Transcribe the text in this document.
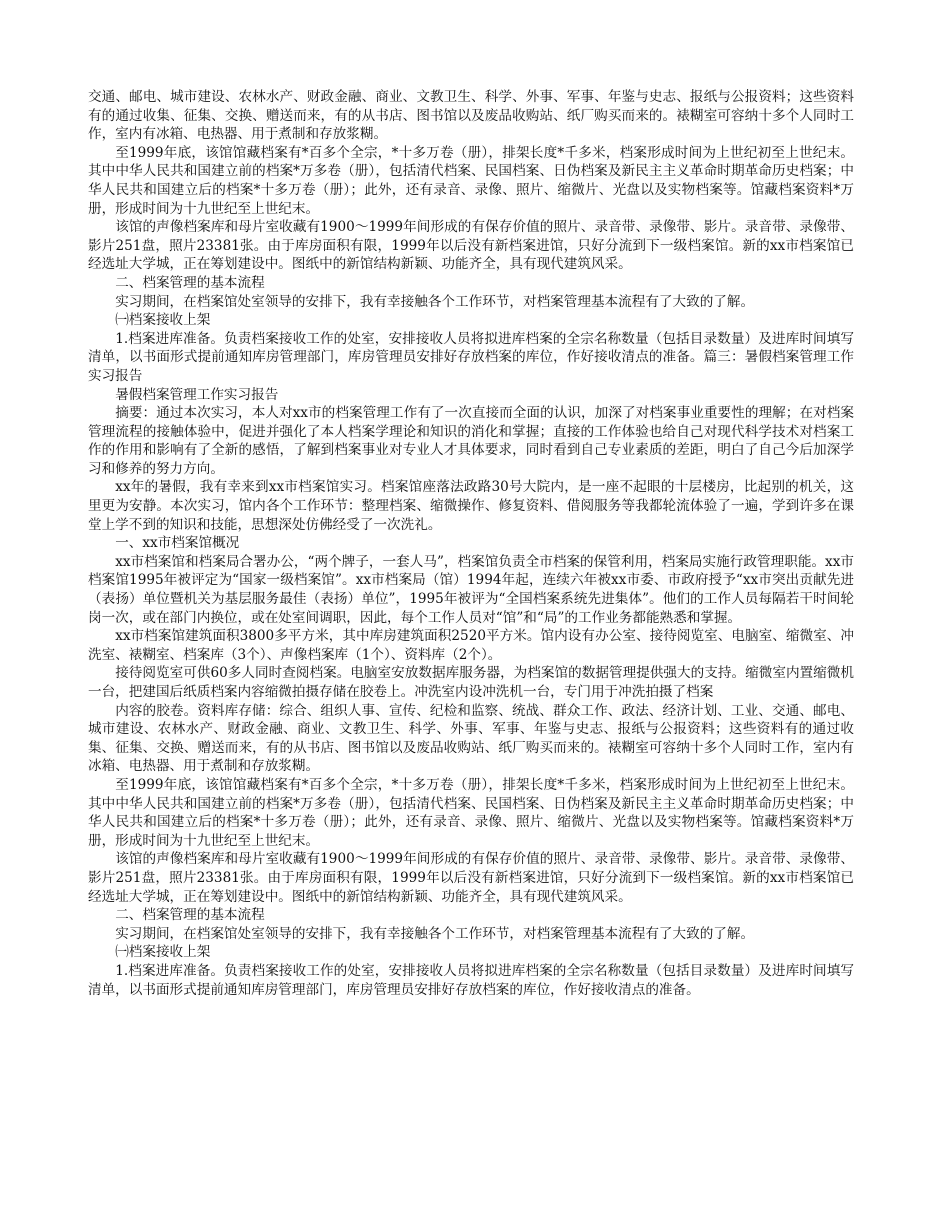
交通、邮电、城市建设、农林水产、财政金融、商业、文教卫生、科学、外事、军事、年鉴与史志、报纸与公报资料；这些资料有的通过收集、征集、交换、赠送而来，有的从书店、图书馆以及废品收购站、纸厂购买而来的。裱糊室可容纳十多个人同时工作，室内有冰箱、电热器、用于煮制和存放浆糊。

至1999年底，该馆馆藏档案有*百多个全宗，*十多万卷（册），排架长度*千多米，档案形成时间为上世纪初至上世纪末。其中中华人民共和国建立前的档案*万多卷（册），包括清代档案、民国档案、日伪档案及新民主主义革命时期革命历史档案；中华人民共和国建立后的档案*十多万卷（册）；此外，还有录音、录像、照片、缩微片、光盘以及实物档案等。馆藏档案资料*万册，形成时间为十九世纪至上世纪末。

该馆的声像档案库和母片室收藏有1900～1999年间形成的有保存价值的照片、录音带、录像带、影片。录音带、录像带、影片251盘，照片23381张。由于库房面积有限，1999年以后没有新档案进馆，只好分流到下一级档案馆。新的xx市档案馆已经选址大学城，正在筹划建设中。图纸中的新馆结构新颖、功能齐全，具有现代建筑风采。

二、档案管理的基本流程

实习期间，在档案馆处室领导的安排下，我有幸接触各个工作环节，对档案管理基本流程有了大致的了解。

㈠档案接收上架

1.档案进库准备。负责档案接收工作的处室，安排接收人员将拟进库档案的全宗名称数量（包括目录数量）及进库时间填写清单，以书面形式提前通知库房管理部门，库房管理员安排好存放档案的库位，作好接收清点的准备。篇三：暑假档案管理工作实习报告

暑假档案管理工作实习报告

摘要：通过本次实习，本人对xx市的档案管理工作有了一次直接而全面的认识，加深了对档案事业重要性的理解；在对档案管理流程的接触体验中，促进并强化了本人档案学理论和知识的消化和掌握；直接的工作体验也给自己对现代科学技术对档案工作的作用和影响有了全新的感悟，了解到档案事业对专业人才具体要求，同时看到自己专业素质的差距，明白了自己今后加深学习和修养的努力方向。

xx年的暑假，我有幸来到xx市档案馆实习。档案馆座落法政路30号大院内，是一座不起眼的十层楼房，比起别的机关，这里更为安静。本次实习，馆内各个工作环节：整理档案、缩微操作、修复资料、借阅服务等我都轮流体验了一遍，学到许多在课堂上学不到的知识和技能，思想深处仿佛经受了一次洗礼。

一、xx市档案馆概况

xx市档案馆和档案局合署办公，“两个牌子，一套人马”，档案馆负责全市档案的保管利用，档案局实施行政管理职能。xx市档案馆1995年被评定为“国家一级档案馆”。xx市档案局（馆）1994年起，连续六年被xx市委、市政府授予“xx市突出贡献先进（表扬）单位暨机关为基层服务最佳（表扬）单位”，1995年被评为“全国档案系统先进集体”。他们的工作人员每隔若干时间轮岗一次，或在部门内换位，或在处室间调职，因此，每个工作人员对“馆”和“局”的工作业务都能熟悉和掌握。

xx市档案馆建筑面积3800多平方米，其中库房建筑面积2520平方米。馆内设有办公室、接待阅览室、电脑室、缩微室、冲洗室、裱糊室、档案库（3个）、声像档案库（1个）、资料库（2个）。

接待阅览室可供60多人同时查阅档案。电脑室安放数据库服务器，为档案馆的数据管理提供强大的支持。缩微室内置缩微机一台，把建国后纸质档案内容缩微拍摄存储在胶卷上。冲洗室内设冲洗机一台，专门用于冲洗拍摄了档案

内容的胶卷。资料库存储：综合、组织人事、宣传、纪检和监察、统战、群众工作、政法、经济计划、工业、交通、邮电、城市建设、农林水产、财政金融、商业、文教卫生、科学、外事、军事、年鉴与史志、报纸与公报资料；这些资料有的通过收集、征集、交换、赠送而来，有的从书店、图书馆以及废品收购站、纸厂购买而来的。裱糊室可容纳十多个人同时工作，室内有冰箱、电热器、用于煮制和存放浆糊。

至1999年底，该馆馆藏档案有*百多个全宗，*十多万卷（册），排架长度*千多米，档案形成时间为上世纪初至上世纪末。其中中华人民共和国建立前的档案*万多卷（册），包括清代档案、民国档案、日伪档案及新民主主义革命时期革命历史档案；中华人民共和国建立后的档案*十多万卷（册）；此外，还有录音、录像、照片、缩微片、光盘以及实物档案等。馆藏档案资料*万册，形成时间为十九世纪至上世纪末。

该馆的声像档案库和母片室收藏有1900～1999年间形成的有保存价值的照片、录音带、录像带、影片。录音带、录像带、影片251盘，照片23381张。由于库房面积有限，1999年以后没有新档案进馆，只好分流到下一级档案馆。新的xx市档案馆已经选址大学城，正在筹划建设中。图纸中的新馆结构新颖、功能齐全，具有现代建筑风采。

二、档案管理的基本流程

实习期间，在档案馆处室领导的安排下，我有幸接触各个工作环节，对档案管理基本流程有了大致的了解。

㈠档案接收上架

1.档案进库准备。负责档案接收工作的处室，安排接收人员将拟进库档案的全宗名称数量（包括目录数量）及进库时间填写清单，以书面形式提前通知库房管理部门，库房管理员安排好存放档案的库位，作好接收清点的准备。
